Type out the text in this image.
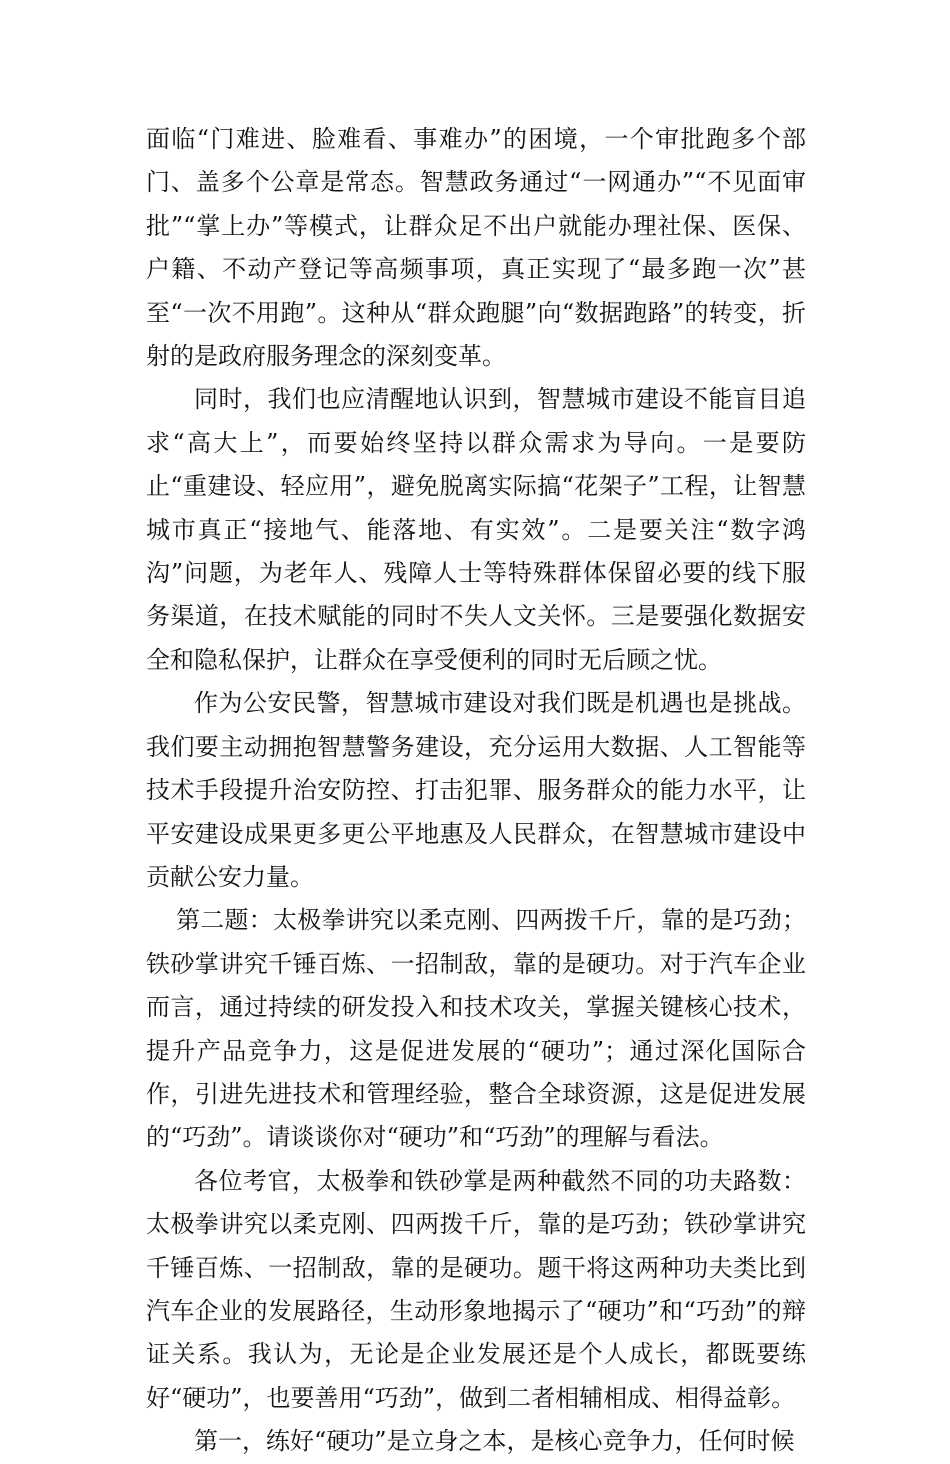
面临“门难进、脸难看、事难办”的困境，一个审批跑多个部门、盖多个公章是常态。智慧政务通过“一网通办”“不见面审批”“掌上办”等模式，让群众足不出户就能办理社保、医保、户籍、不动产登记等高频事项，真正实现了“最多跑一次”甚至“一次不用跑”。这种从“群众跑腿”向“数据跑路”的转变，折射的是政府服务理念的深刻变革。

同时，我们也应清醒地认识到，智慧城市建设不能盲目追求“高大上”，而要始终坚持以群众需求为导向。一是要防止“重建设、轻应用”，避免脱离实际搞“花架子”工程，让智慧城市真正“接地气、能落地、有实效”。二是要关注“数字鸿沟”问题，为老年人、残障人士等特殊群体保留必要的线下服务渠道，在技术赋能的同时不失人文关怀。三是要强化数据安全和隐私保护，让群众在享受便利的同时无后顾之忧。

作为公安民警，智慧城市建设对我们既是机遇也是挑战。我们要主动拥抱智慧警务建设，充分运用大数据、人工智能等技术手段提升治安防控、打击犯罪、服务群众的能力水平，让平安建设成果更多更公平地惠及人民群众，在智慧城市建设中贡献公安力量。

第二题：太极拳讲究以柔克刚、四两拨千斤，靠的是巧劲；铁砂掌讲究千锤百炼、一招制敌，靠的是硬功。对于汽车企业而言，通过持续的研发投入和技术攻关，掌握关键核心技术，提升产品竞争力，这是促进发展的“硬功”；通过深化国际合作，引进先进技术和管理经验，整合全球资源，这是促进发展的“巧劲”。请谈谈你对“硬功”和“巧劲”的理解与看法。

各位考官，太极拳和铁砂掌是两种截然不同的功夫路数：太极拳讲究以柔克刚、四两拨千斤，靠的是巧劲；铁砂掌讲究千锤百炼、一招制敌，靠的是硬功。题干将这两种功夫类比到汽车企业的发展路径，生动形象地揭示了“硬功”和“巧劲”的辩证关系。我认为，无论是企业发展还是个人成长，都既要练好“硬功”，也要善用“巧劲”，做到二者相辅相成、相得益彰。

第一，练好“硬功”是立身之本，是核心竞争力，任何时候
